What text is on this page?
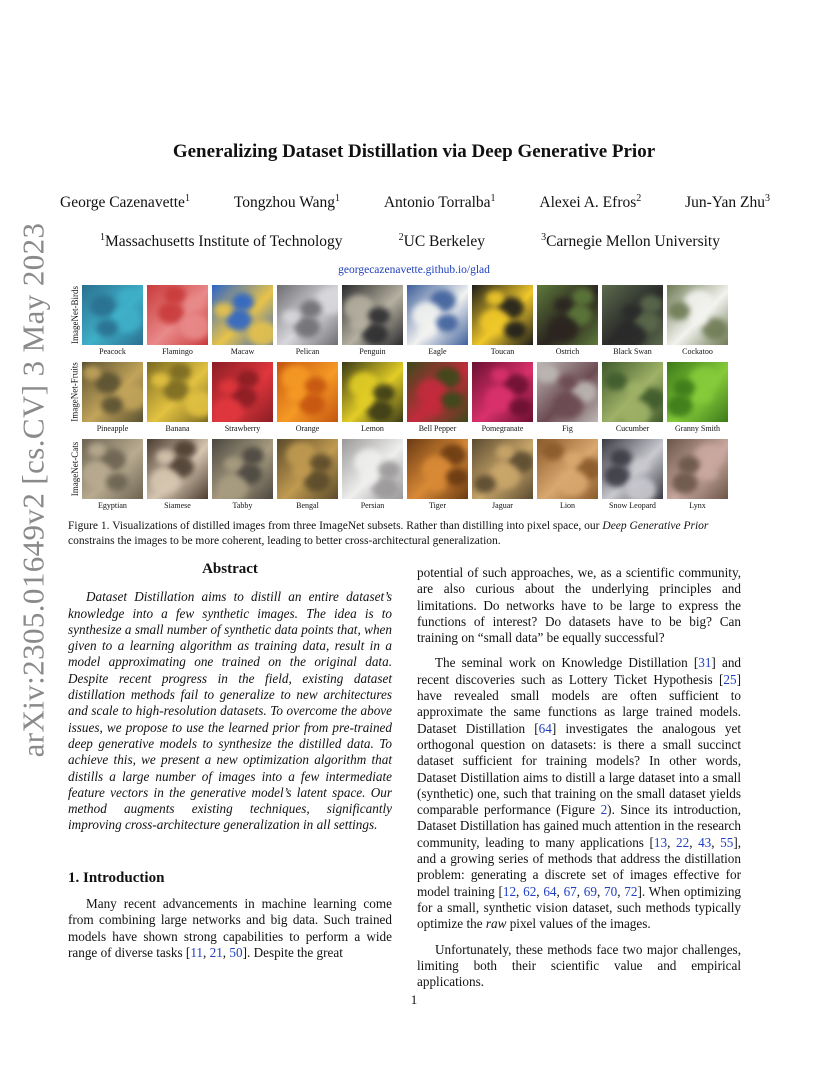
arXiv:2305.01649v2 [cs.CV] 3 May 2023
Generalizing Dataset Distillation via Deep Generative Prior
George Cazenavette$^1$	Tongzhou Wang$^1$	Antonio Torralba$^1$	Alexei A. Efros$^2$	Jun-Yan Zhu$^3$
$^1$Massachusetts Institute of Technology	$^2$UC Berkeley	$^3$Carnegie Mellon University
georgecazenavette.github.io/glad
ImageNet-Birds
Peacock	Flamingo	Macaw	Pelican	Penguin	Eagle	Toucan	Ostrich	Black Swan	Cockatoo
ImageNet-Fruits
Pineapple	Banana	Strawberry	Orange	Lemon	Bell Pepper	Pomegranate	Fig	Cucumber	Granny Smith
ImageNet-Cats
Egyptian	Siamese	Tabby	Bengal	Persian	Tiger	Jaguar	Lion	Snow Leopard	Lynx
Figure 1. Visualizations of distilled images from three ImageNet subsets. Rather than distilling into pixel space, our Deep Generative Prior
constrains the images to be more coherent, leading to better cross-architectural generalization.
Abstract

Dataset Distillation aims to distill an entire dataset’s knowledge into a few synthetic images. The idea is to synthesize a small number of synthetic data points that, when given to a learning algorithm as training data, result in a model approximating one trained on the original data. Despite recent progress in the field, existing dataset distillation methods fail to generalize to new architectures and scale to high-resolution datasets. To overcome the above issues, we propose to use the learned prior from pre-trained deep generative models to synthesize the distilled data. To achieve this, we present a new optimization algorithm that distills a large number of images into a few intermediate feature vectors in the generative model’s latent space. Our method augments existing techniques, significantly improving cross-architecture generalization in all settings.

1. Introduction

Many recent advancements in machine learning come from combining large networks and big data. Such trained models have shown strong capabilities to perform a wide range of diverse tasks [11, 21, 50]. Despite the great

potential of such approaches, we, as a scientific community, are also curious about the underlying principles and limitations. Do networks have to be large to express the functions of interest? Do datasets have to be big? Can training on “small data” be equally successful?

The seminal work on Knowledge Distillation [31] and recent discoveries such as Lottery Ticket Hypothesis [25] have revealed small models are often sufficient to approximate the same functions as large trained models. Dataset Distillation [64] investigates the analogous yet orthogonal question on datasets: is there a small succinct dataset sufficient for training models? In other words, Dataset Distillation aims to distill a large dataset into a small (synthetic) one, such that training on the small dataset yields comparable performance (Figure 2). Since its introduction, Dataset Distillation has gained much attention in the research community, leading to many applications [13, 22, 43, 55], and a growing series of methods that address the distillation problem: generating a discrete set of images effective for model training [12, 62, 64, 67, 69, 70, 72]. When optimizing for a small, synthetic vision dataset, such methods typically optimize the raw pixel values of the images.

Unfortunately, these methods face two major challenges, limiting both their scientific value and empirical applications.

1
